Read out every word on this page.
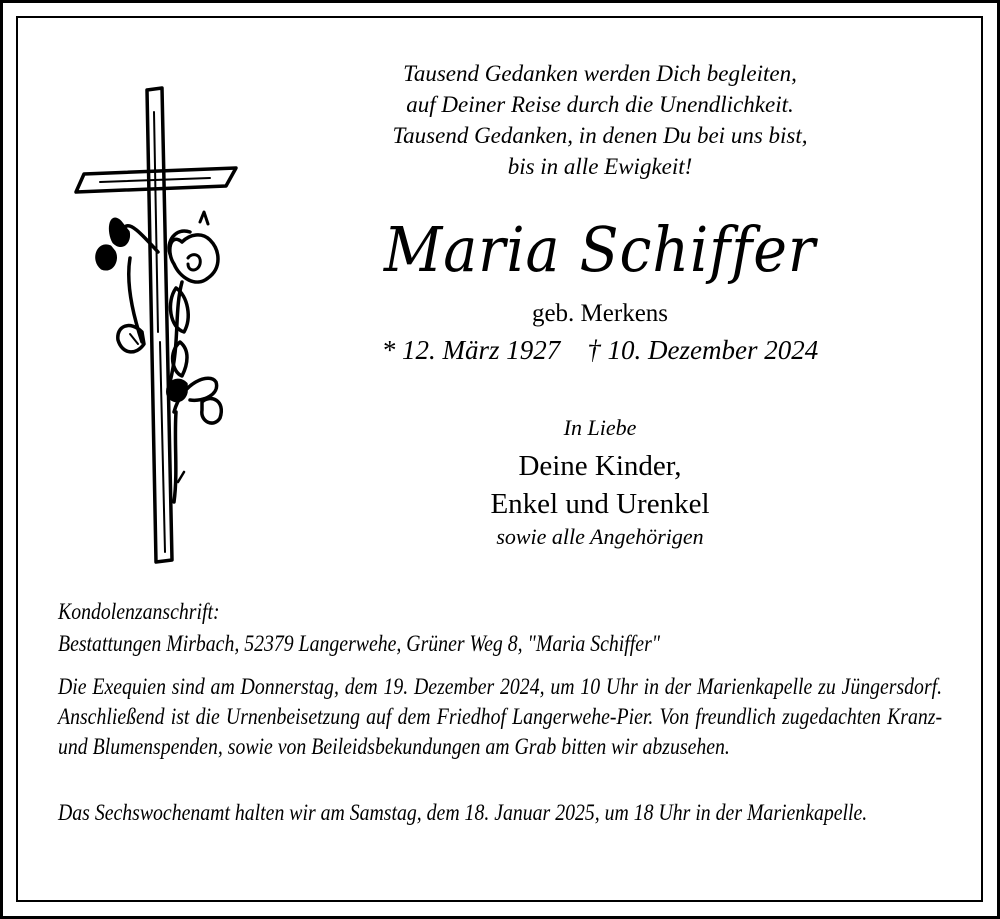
Tausend Gedanken werden Dich begleiten,
auf Deiner Reise durch die Unendlichkeit.
Tausend Gedanken, in denen Du bei uns bist,
bis in alle Ewigkeit!
Maria Schiffer
geb. Merkens
* 12. März 1927    † 10. Dezember 2024
In Liebe
Deine Kinder,
Enkel und Urenkel
sowie alle Angehörigen
Kondolenzanschrift:
Bestattungen Mirbach, 52379 Langerwehe, Grüner Weg 8, "Maria Schiffer"
Die Exequien sind am Donnerstag, dem 19. Dezember 2024, um 10 Uhr in der Marienkapelle zu Jüngersdorf. Anschließend ist die Urnenbeisetzung auf dem Friedhof Langerwehe-Pier. Von freundlich zugedachten Kranz- und Blumenspenden, sowie von Beileidsbekundungen am Grab bitten wir abzusehen.
Das Sechswochenamt halten wir am Samstag, dem 18. Januar 2025, um 18 Uhr in der Marienkapelle.
